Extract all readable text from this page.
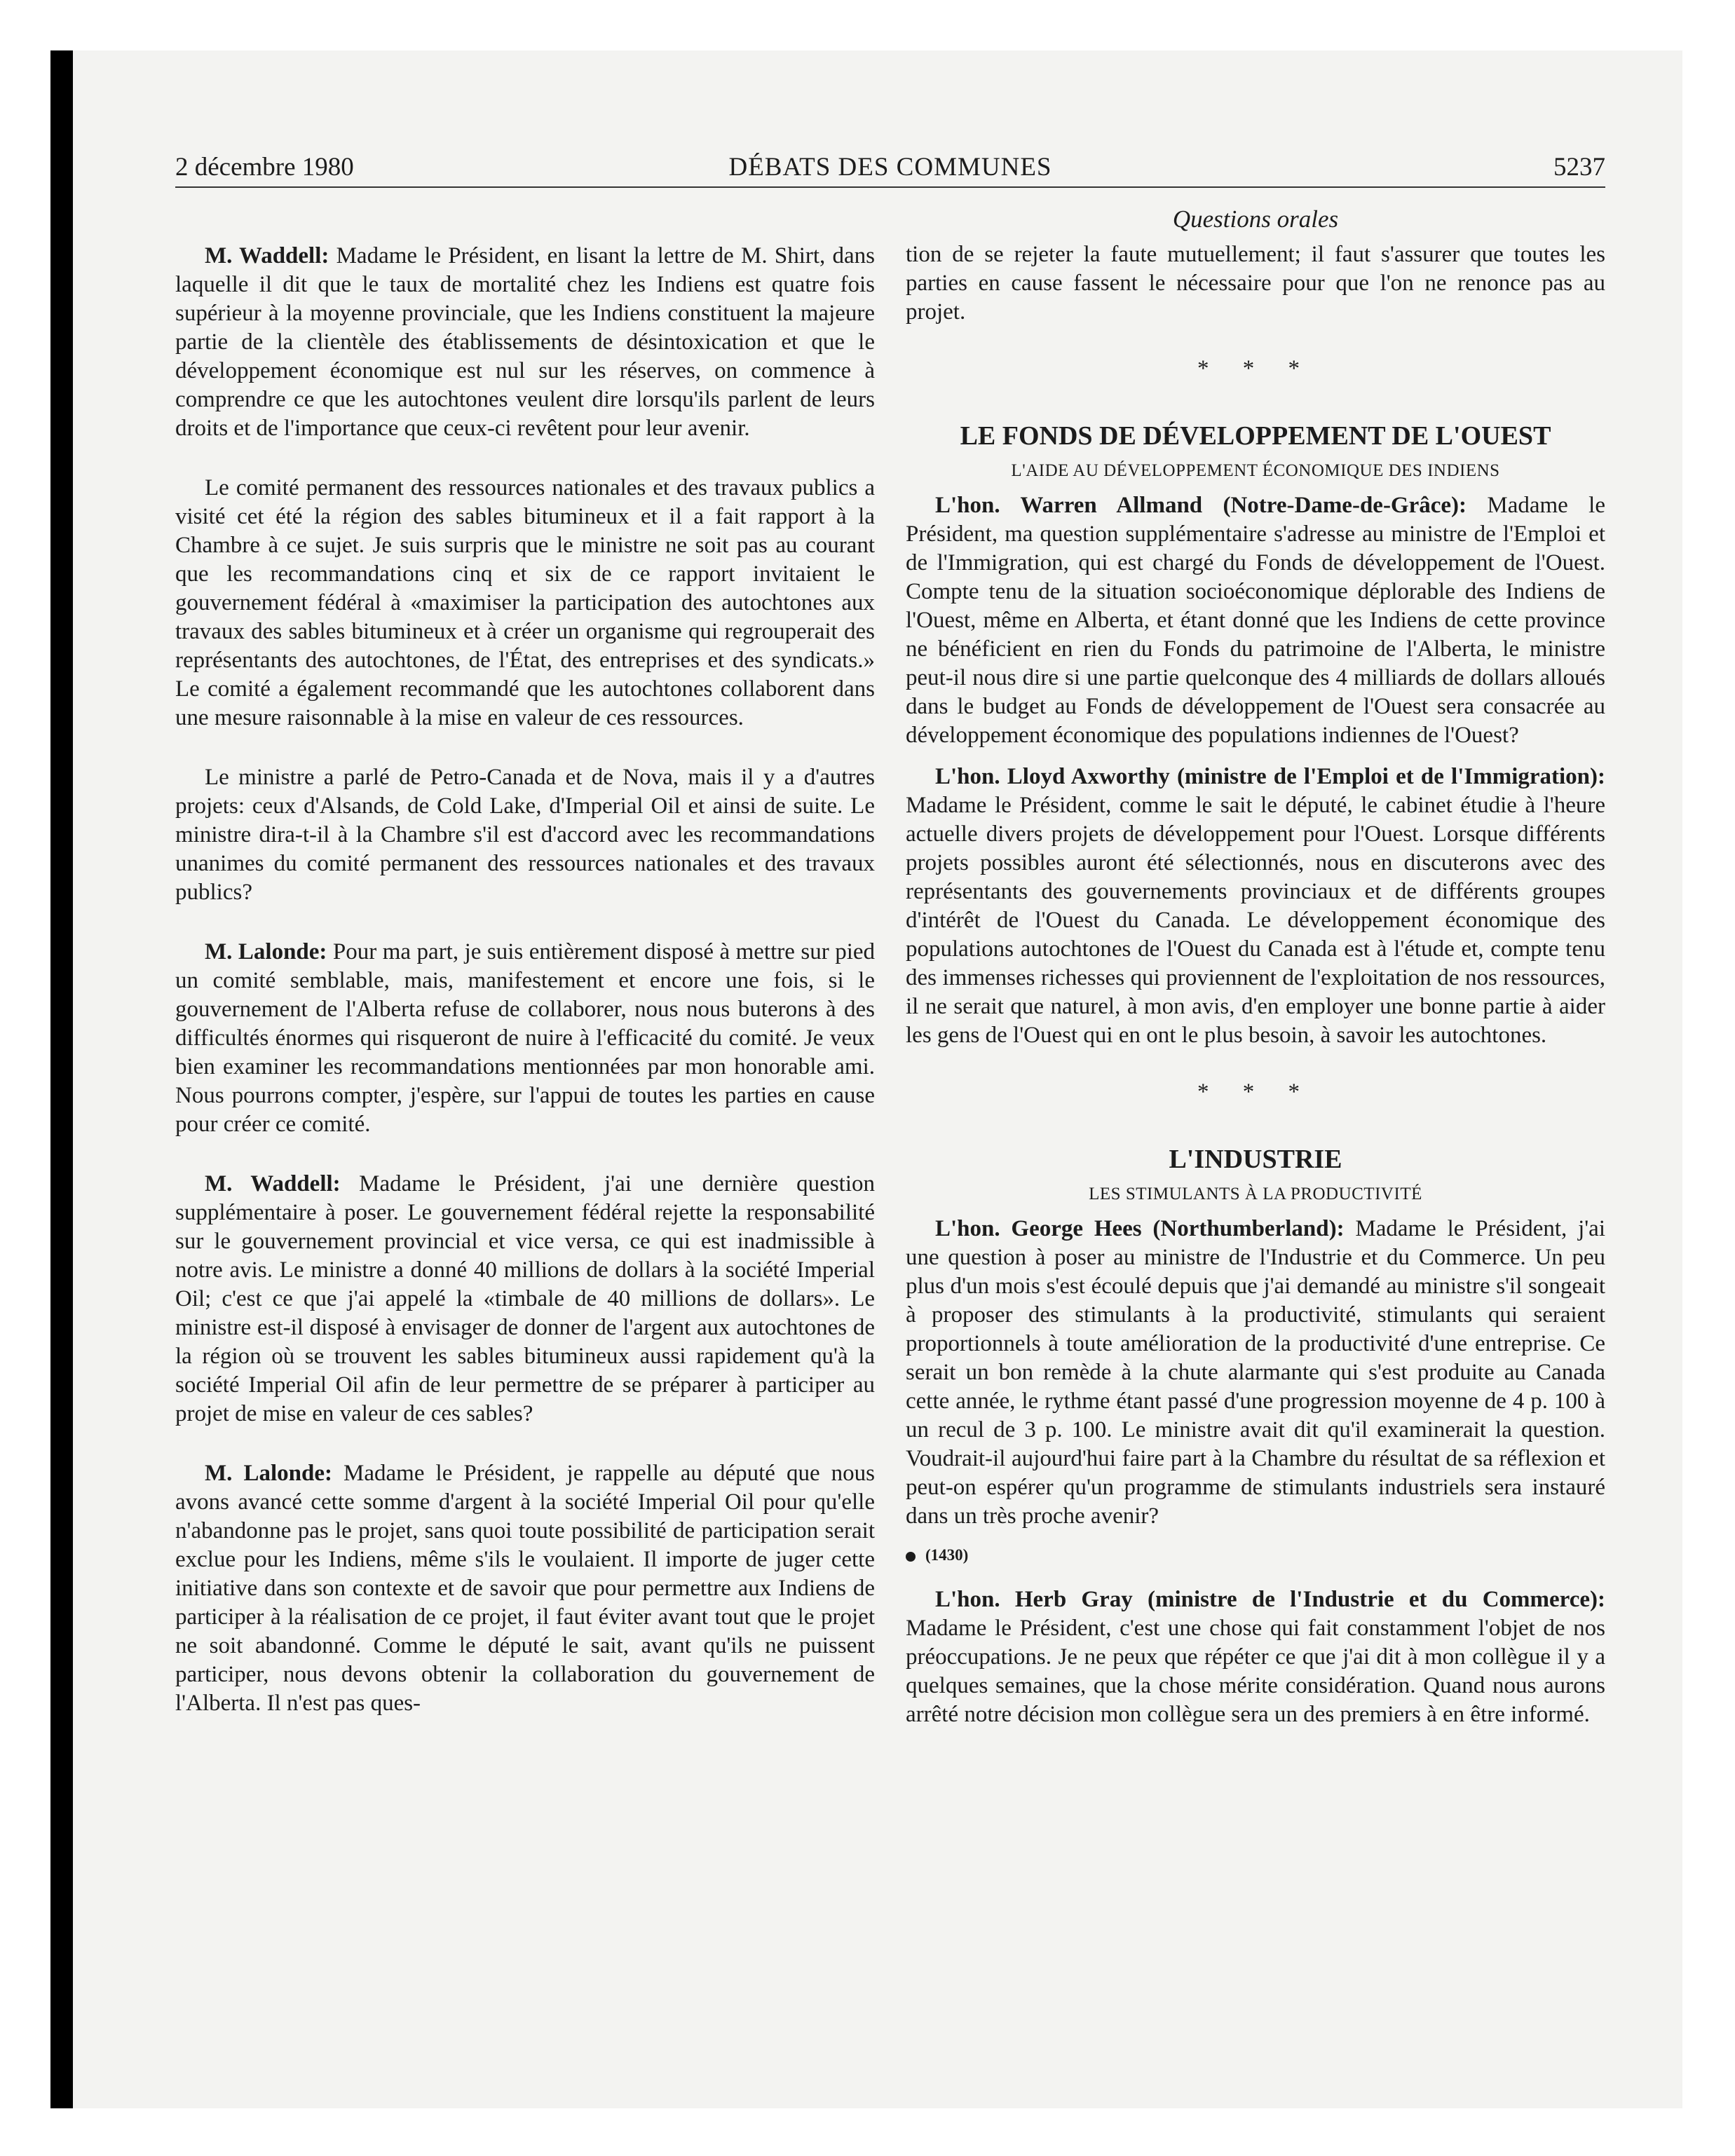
2 décembre 1980	DÉBATS DES COMMUNES	5237

M. Waddell: Madame le Président, en lisant la lettre de M. Shirt, dans laquelle il dit que le taux de mortalité chez les Indiens est quatre fois supérieur à la moyenne provinciale, que les Indiens constituent la majeure partie de la clientèle des établissements de désintoxication et que le développement économique est nul sur les réserves, on commence à comprendre ce que les autochtones veulent dire lorsqu'ils parlent de leurs droits et de l'importance que ceux-ci revêtent pour leur avenir.

Le comité permanent des ressources nationales et des travaux publics a visité cet été la région des sables bitumineux et il a fait rapport à la Chambre à ce sujet. Je suis surpris que le ministre ne soit pas au courant que les recommandations cinq et six de ce rapport invitaient le gouvernement fédéral à «maximiser la participation des autochtones aux travaux des sables bitumineux et à créer un organisme qui regrouperait des représentants des autochtones, de l'État, des entreprises et des syndicats.» Le comité a également recommandé que les autochtones collaborent dans une mesure raisonnable à la mise en valeur de ces ressources.

Le ministre a parlé de Petro-Canada et de Nova, mais il y a d'autres projets: ceux d'Alsands, de Cold Lake, d'Imperial Oil et ainsi de suite. Le ministre dira-t-il à la Chambre s'il est d'accord avec les recommandations unanimes du comité permanent des ressources nationales et des travaux publics?

M. Lalonde: Pour ma part, je suis entièrement disposé à mettre sur pied un comité semblable, mais, manifestement et encore une fois, si le gouvernement de l'Alberta refuse de collaborer, nous nous buterons à des difficultés énormes qui risqueront de nuire à l'efficacité du comité. Je veux bien examiner les recommandations mentionnées par mon honorable ami. Nous pourrons compter, j'espère, sur l'appui de toutes les parties en cause pour créer ce comité.

M. Waddell: Madame le Président, j'ai une dernière question supplémentaire à poser. Le gouvernement fédéral rejette la responsabilité sur le gouvernement provincial et vice versa, ce qui est inadmissible à notre avis. Le ministre a donné 40 millions de dollars à la société Imperial Oil; c'est ce que j'ai appelé la «timbale de 40 millions de dollars». Le ministre est-il disposé à envisager de donner de l'argent aux autochtones de la région où se trouvent les sables bitumineux aussi rapidement qu'à la société Imperial Oil afin de leur permettre de se préparer à participer au projet de mise en valeur de ces sables?

M. Lalonde: Madame le Président, je rappelle au député que nous avons avancé cette somme d'argent à la société Imperial Oil pour qu'elle n'abandonne pas le projet, sans quoi toute possibilité de participation serait exclue pour les Indiens, même s'ils le voulaient. Il importe de juger cette initiative dans son contexte et de savoir que pour permettre aux Indiens de participer à la réalisation de ce projet, il faut éviter avant tout que le projet ne soit abandonné. Comme le député le sait, avant qu'ils ne puissent participer, nous devons obtenir la collaboration du gouvernement de l'Alberta. Il n'est pas ques-

Questions orales

tion de se rejeter la faute mutuellement; il faut s'assurer que toutes les parties en cause fassent le nécessaire pour que l'on ne renonce pas au projet.

* * *
LE FONDS DE DÉVELOPPEMENT DE L'OUEST
L'AIDE AU DÉVELOPPEMENT ÉCONOMIQUE DES INDIENS

L'hon. Warren Allmand (Notre-Dame-de-Grâce): Madame le Président, ma question supplémentaire s'adresse au ministre de l'Emploi et de l'Immigration, qui est chargé du Fonds de développement de l'Ouest. Compte tenu de la situation socioéconomique déplorable des Indiens de l'Ouest, même en Alberta, et étant donné que les Indiens de cette province ne bénéficient en rien du Fonds du patrimoine de l'Alberta, le ministre peut-il nous dire si une partie quelconque des 4 milliards de dollars alloués dans le budget au Fonds de développement de l'Ouest sera consacrée au développement économique des populations indiennes de l'Ouest?

L'hon. Lloyd Axworthy (ministre de l'Emploi et de l'Immigration): Madame le Président, comme le sait le député, le cabinet étudie à l'heure actuelle divers projets de développement pour l'Ouest. Lorsque différents projets possibles auront été sélectionnés, nous en discuterons avec des représentants des gouvernements provinciaux et de différents groupes d'intérêt de l'Ouest du Canada. Le développement économique des populations autochtones de l'Ouest du Canada est à l'étude et, compte tenu des immenses richesses qui proviennent de l'exploitation de nos ressources, il ne serait que naturel, à mon avis, d'en employer une bonne partie à aider les gens de l'Ouest qui en ont le plus besoin, à savoir les autochtones.

* * *
L'INDUSTRIE
LES STIMULANTS À LA PRODUCTIVITÉ

L'hon. George Hees (Northumberland): Madame le Président, j'ai une question à poser au ministre de l'Industrie et du Commerce. Un peu plus d'un mois s'est écoulé depuis que j'ai demandé au ministre s'il songeait à proposer des stimulants à la productivité, stimulants qui seraient proportionnels à toute amélioration de la productivité d'une entreprise. Ce serait un bon remède à la chute alarmante qui s'est produite au Canada cette année, le rythme étant passé d'une progression moyenne de 4 p. 100 à un recul de 3 p. 100. Le ministre avait dit qu'il examinerait la question. Voudrait-il aujourd'hui faire part à la Chambre du résultat de sa réflexion et peut-on espérer qu'un programme de stimulants industriels sera instauré dans un très proche avenir?

(1430)

L'hon. Herb Gray (ministre de l'Industrie et du Commerce): Madame le Président, c'est une chose qui fait constamment l'objet de nos préoccupations. Je ne peux que répéter ce que j'ai dit à mon collègue il y a quelques semaines, que la chose mérite considération. Quand nous aurons arrêté notre décision mon collègue sera un des premiers à en être informé.
